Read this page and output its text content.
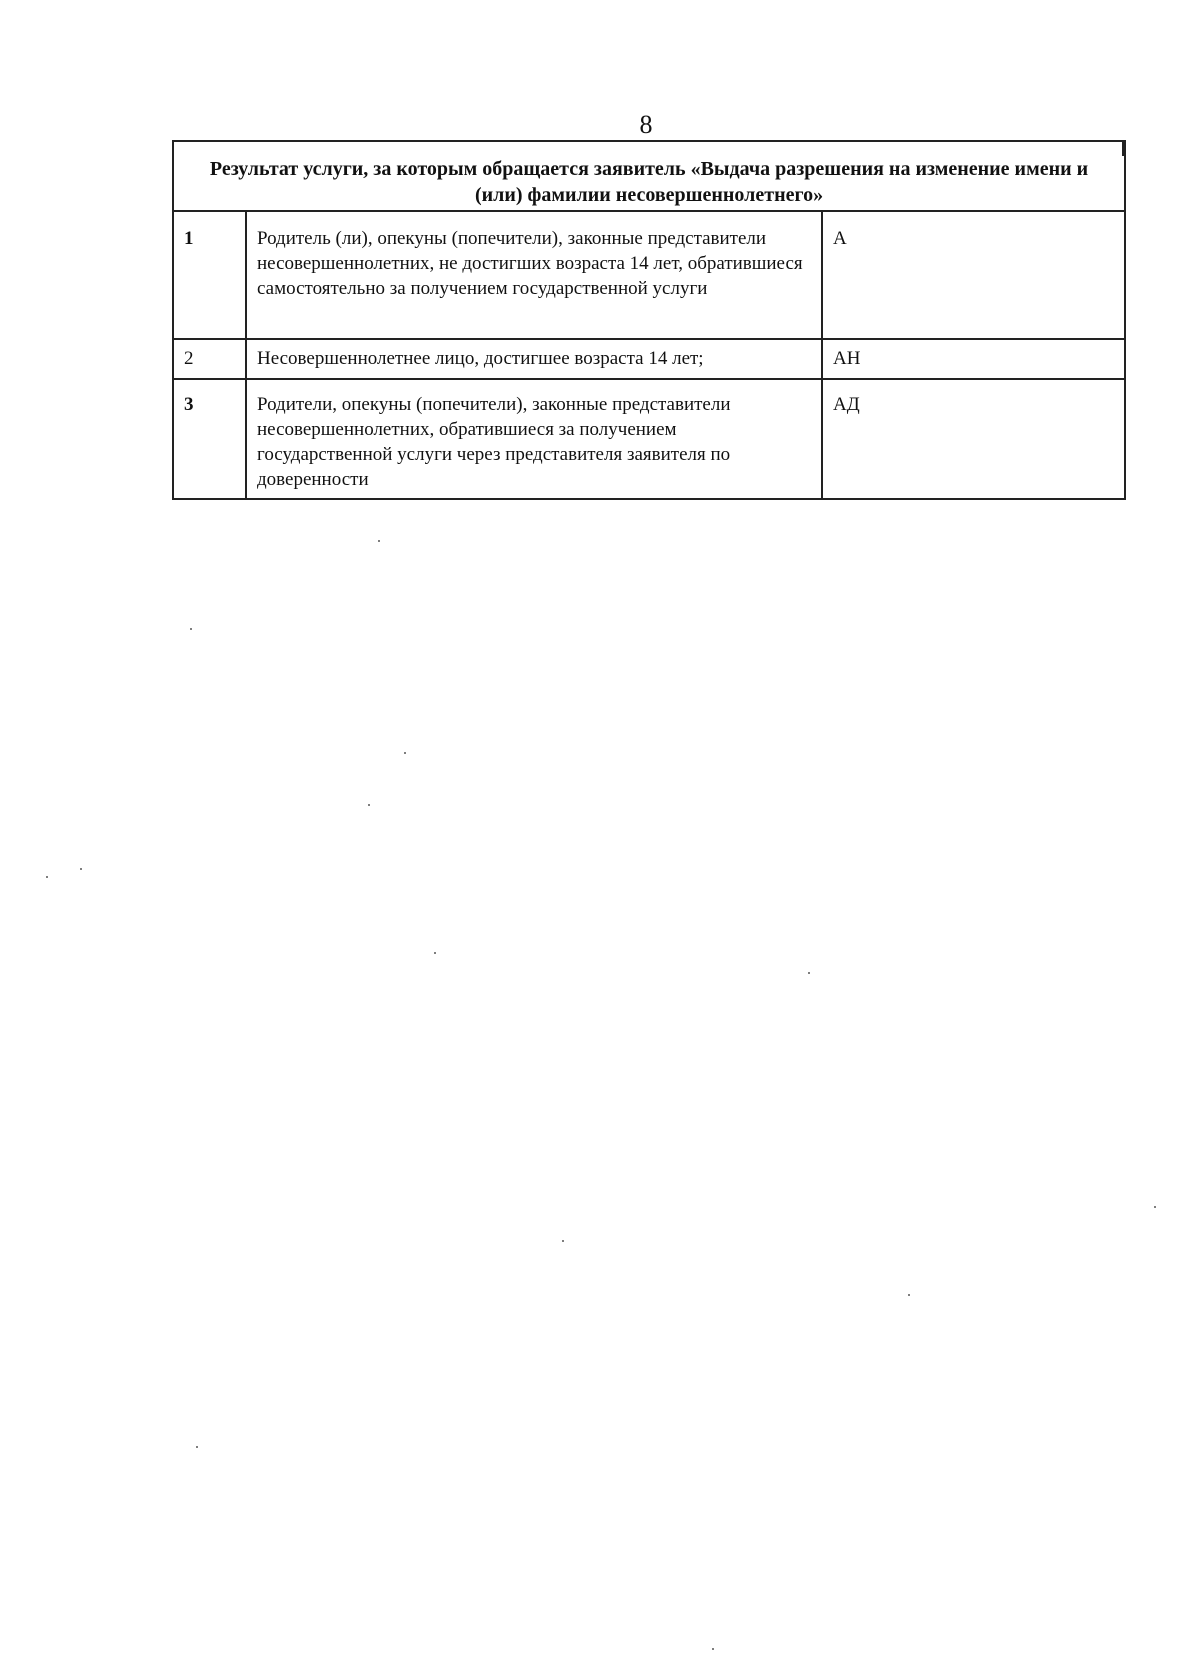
8
Результат услуги, за которым обращается заявитель «Выдача разрешения на изменение имени и (или) фамилии несовершеннолетнего»		
1	Родитель (ли), опекуны (попечители), законные представители несовершеннолетних, не достигших возраста 14 лет, обратившиеся самостоятельно за получением государственной услуги	А
2	Несовершеннолетнее лицо, достигшее возраста 14 лет;	АН
3	Родители, опекуны (попечители), законные представители несовершеннолетних, обратившиеся за получением государственной услуги через представителя заявителя по доверенности	АД
